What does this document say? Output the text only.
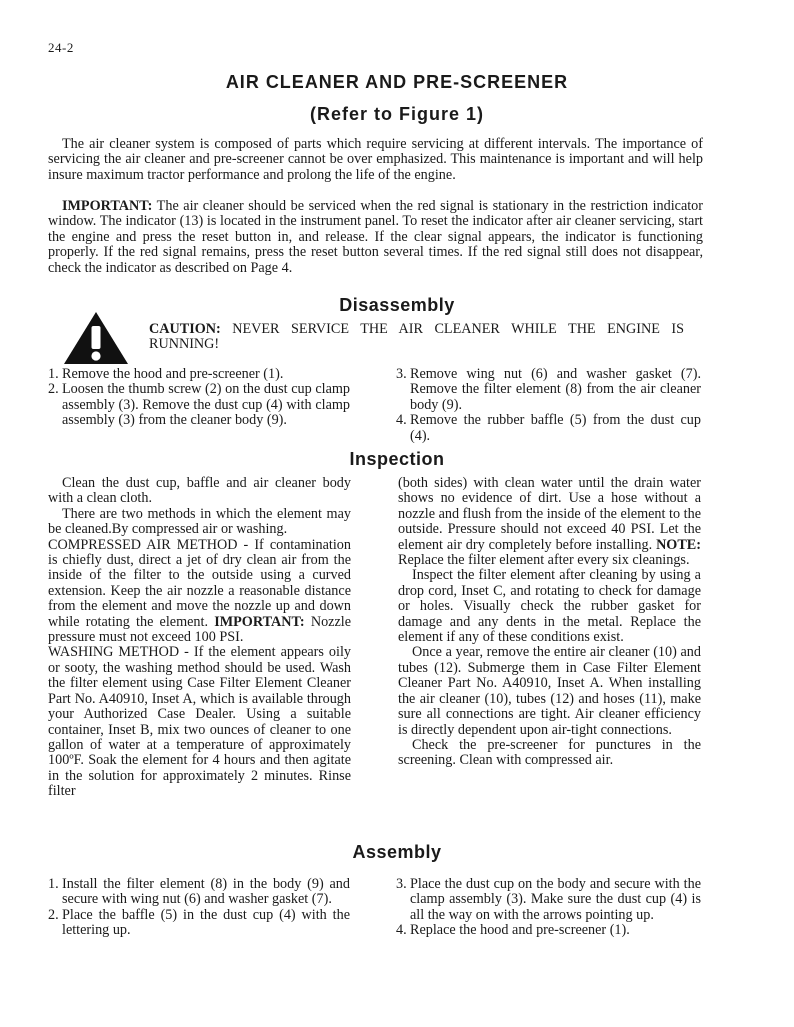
24-2
AIR CLEANER AND PRE-SCREENER
(Refer to Figure 1)

The air cleaner system is composed of parts which require servicing at different intervals. The importance of servicing the air cleaner and pre-screener cannot be over emphasized. This maintenance is important and will help insure maximum tractor performance and prolong the life of the engine.

IMPORTANT: The air cleaner should be serviced when the red signal is stationary in the restriction indicator window. The indicator (13) is located in the instrument panel. To reset the indicator after air cleaner servicing, start the engine and press the reset button in, and release. If the clear signal appears, the indicator is functioning properly. If the red signal remains, press the reset button several times. If the red signal still does not disappear, check the indicator as described on Page 4.

Disassembly
CAUTION: NEVER SERVICE THE AIR CLEANER WHILE THE ENGINE IS RUNNING!
1. Remove the hood and pre-screener (1).
2. Loosen the thumb screw (2) on the dust cup clamp assembly (3). Remove the dust cup (4) with clamp assembly (3) from the cleaner body (9).
3. Remove wing nut (6) and washer gasket (7). Remove the filter element (8) from the air cleaner body (9).
4. Remove the rubber baffle (5) from the dust cup (4).
Inspection

Clean the dust cup, baffle and air cleaner body with a clean cloth.

There are two methods in which the element may be cleaned.By compressed air or washing.

COMPRESSED AIR METHOD - If contamination is chiefly dust, direct a jet of dry clean air from the inside of the filter to the outside using a curved extension. Keep the air nozzle a reasonable distance from the element and move the nozzle up and down while rotating the element. IMPORTANT: Nozzle pressure must not exceed 100 PSI.

WASHING METHOD - If the element appears oily or sooty, the washing method should be used. Wash the filter element using Case Filter Element Cleaner Part No. A40910, Inset A, which is available through your Authorized Case Dealer. Using a suitable container, Inset B, mix two ounces of cleaner to one gallon of water at a temperature of approximately 100ºF. Soak the element for 4 hours and then agitate in the solution for approximately 2 minutes. Rinse filter

(both sides) with clean water until the drain water shows no evidence of dirt. Use a hose without a nozzle and flush from the inside of the element to the outside. Pressure should not exceed 40 PSI. Let the element air dry completely before installing. NOTE: Replace the filter element after every six cleanings.

Inspect the filter element after cleaning by using a drop cord, Inset C, and rotating to check for damage or holes. Visually check the rubber gasket for damage and any dents in the metal. Replace the element if any of these conditions exist.

Once a year, remove the entire air cleaner (10) and tubes (12). Submerge them in Case Filter Element Cleaner Part No. A40910, Inset A. When installing the air cleaner (10), tubes (12) and hoses (11), make sure all connections are tight. Air cleaner efficiency is directly dependent upon air-tight connections.

Check the pre-screener for punctures in the screening. Clean with compressed air.

Assembly
1. Install the filter element (8) in the body (9) and secure with wing nut (6) and washer gasket (7).
2. Place the baffle (5) in the dust cup (4) with the lettering up.
3. Place the dust cup on the body and secure with the clamp assembly (3). Make sure the dust cup (4) is all the way on with the arrows pointing up.
4. Replace the hood and pre-screener (1).
